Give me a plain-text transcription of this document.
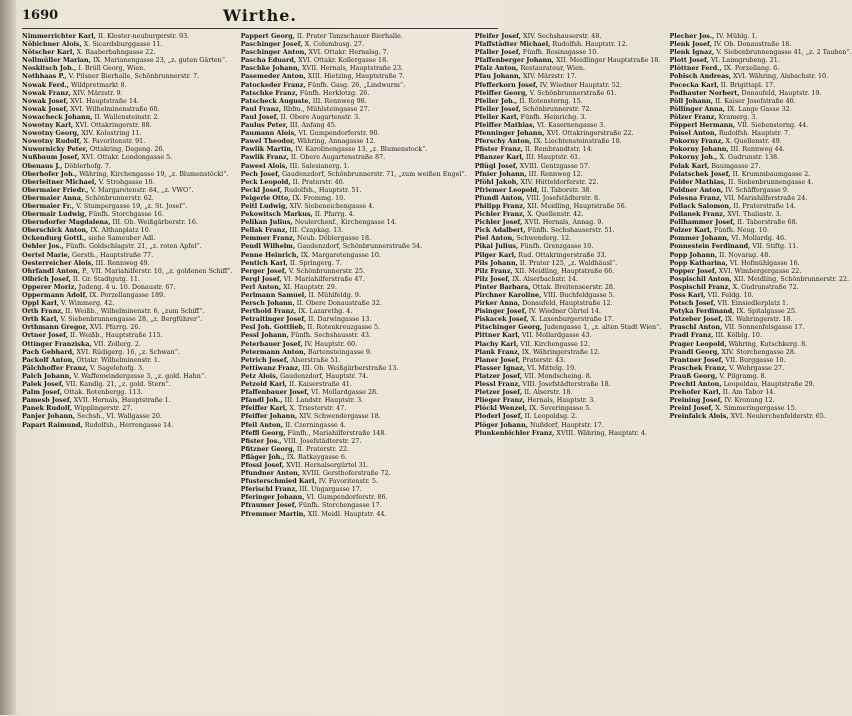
1690	Wirthe.
Nimmerrichter Karl, II. Kloster-neuburgerstr. 93.
Nöbichner Alois, X. Sicardsburggasse 11.
Nötscher Karl, X. Raaberbahngasse 22.
Nollmüller Marian, IX. Marianengasse 23, „z. guten Gärten“.
Noskitsch Joh., I. Brüll Georg, Wien.
Nothhaas P., V. Pilsner Bierhalle, Schönbrunnerstr. 7.
Nowak Ferd., Wildpretmarkt 8.
Nowak Franz, XIV. Märzstr. 9.
Nowak Josef, XVI. Hauptstraße 14.
Nowak Josef, XVI. Wilhelminenstraße 60.
Nowacheck Johann, II. Wallensteinstr. 2.
Nowotny Karl, XVI. Ottakringerstr. 88.
Nowotny Georg, XIV. Kolostring 11.
Nowotny Rudolf, X. Favoritenstr. 91.
Nuwornicky Peter, Ottakring, Degeng. 26.
Nußbaum Josef, XVI. Ottakr. Londongasse 5.
Obenaus J., Döblerhofg. 7.
Oberhofer Joh., Währing, Kirchengasse 19, „z. Blumenstöckl“.
Oberleitner Michael, V. Strohgasse 10.
Obermaier Friedr., V. Margaretenstr. 84, „z. VWO“.
Obermaier Anna, Schönbrunnerstr. 62.
Obermaier Fr., V. Stumpergasse 19, „z. St. Josef“.
Obermair Ludwig, Fünfh. Storchgasse 16.
Oberndorfer Magdalena, III. Ob. Weißgärberstr. 16.
Oberschick Anton, IX. Althanplatz 10.
Ockendurg Gottl., siehe Sameuber Adl.
Oehler Jos., Fünfh. Goldschlagstr. 21, „z. roten Apfel“.
Oertel Marie, Gersth., Hauptstraße 77.
Oesterreicher Alois, III. Rennweg 49.
Ohrfandl Anton, P., VII. Mariahilferstr. 10, „z. goldenen Schiff“.
Olbrich Josef, II. Gr. Stadtgutg. 11.
Opperer Moriz, Judeng. 4 u. 10. Donaustr. 67.
Oppermann Adolf, IX. Porzellangasse 189.
Oppl Karl, V. Wimmerg. 42.
Orth Franz, II. Weißb., Wilhelminenstr. 6, „zum Schiff“.
Orth Karl, V. Siebenbrunnengasse 28, „z. Bergführer“.
Orthmann Gregor, XVI. Pfarrg. 26.
Ortner Josef, II. Weißb., Hauptstraße 115.
Ottinger Franziska, VII. Zollerg. 2.
Pach Gebhard, XVI. Rüdigerg. 16, „z. Schwan“.
Packolf Anton, Ottakr. Wilhelminenstr. 1.
Pälchhoffer Franz, V. Sagelehofg. 3.
Palch Johann, V. Waffenwindergasse 3, „z. gold. Hahn“.
Palek Josef, VII. Kandlg. 21, „z. gold. Stern“.
Palm Josef, Ottak. Rotenbergg. 113.
Pamesb Josef, XVII. Hernals, Hauptstraße 1.
Panek Rudolf, Wipplingerstr. 27.
Panjer Johann, Sechsh., VI. Wallgasse 20.
Papart Raimund, Rudolfsh., Herrengasse 14.
Pappert Georg, II. Prater Tanzschauer Bierhalle.
Paschinger Josef, X. Columbusg. 27.
Paschinger Anton, XVI. Ottakr. Hernalsg. 7.
Pascha Eduard, XVI. Ottakr. Kollergasse 18.
Paschke Johann, XVII. Hernals, Hauptstraße 23.
Pasemeder Anton, XIII. Hietzing, Hauptstraße 7.
Patockeder Franz, Fünfh. Gasg. 26, „Lindwurm“.
Patschke Franz, Fünfh. Herklotzg. 26.
Patscheck Auguste, III. Rennweg 98.
Paul Franz, Rbfm., Mühlsteingasse 27.
Paul Josef, II. Obere Augartenstr. 3.
Paulus Peter, III. Anfang 45.
Paumann Alois, VI. Gumpendorferstr. 90.
Pawel Theodor, Währing, Annagasse 12.
Pawlik Martin, IV. Karolinengasse 13, „z. Blumenstock“.
Pawlik Franz, II. Obere Augartenstraße 87.
Paweel Alois, III. Salesianerg. 1.
Pech Josef, Gaudenzdorf, Schönbrunnerstr. 71, „zum weißen Engel“.
Peck Leopold, II. Praterstr. 46.
Peckl Josef, Rudolfsh., Hauptstr. 51.
Peigerle Otto, IX. Frommg. 10.
Peitl Ludwig, XIV. Siebeneichengasse 4.
Pekowitsch Markus, II. Pfarrg. 4.
Pelikan Julius, Neulerchenf., Kirchengasse 14.
Pellak Franz, III. Czapkag. 13.
Pemmer Franz, Neub. Döblergasse 18.
Pendl Wilhelm, Gaudenzdorf, Schönbrunnerstraße 54.
Penne Heinrich, IX. Margaretengasse 10.
Pentich Karl, II. Springerg. 7.
Perger Josef, V. Schönbrunnerstr. 25.
Pergl Josef, VI. Mariahilferstraße 47.
Perl Anton, XI. Hauptstr. 29.
Perlmann Samuel, II. Mühlfeldg. 9.
Persch Johann, II. Obere Donaustraße 32.
Perthold Franz, IX. Lazarethg. 4.
Petraitinger Josef, II. Darwingasse 13.
Pesl Joh. Gottlieb, II. Rotenkreuzgasse 5.
Pessl Johann, Fünfh. Sechshausstr. 43.
Peterbauer Josef, IV. Hauptstr. 60.
Petermann Anton, Bartensteingasse 9.
Petrich Josef, Alserstraße 51.
Pettiwanz Franz, III. Ob. Weißgärberstraße 13.
Petz Alois, Gaudenzdorf, Hauptstr. 74.
Petzold Karl, II. Kaiserstraße 41.
Pfaffenbauer Josef, VI. Mollardgasse 28.
Pfandl Joh., III. Landstr. Hauptstr. 3.
Pfeiffer Karl, X. Triesterstr. 47.
Pfeiffer Johann, XIV. Schwendergasse 18.
Pfeil Anton, II. Czerningasse 4.
Pfeffl Georg, Fünfh., Mariahilferstraße 148.
Pfister Jos., VIII. Josefstädterstr. 27.
Pfitzner Georg, II. Praterstr. 22.
Pfläger Joh., IX. Ratkaygasse 6.
Pfossl Josef, XVII. Hernalsergürtel 31.
Pfundner Anton, XVIII. Gersthoferstraße 72.
Pfusterschmied Karl, IV. Favoritenstr. 5.
Pferischl Franz, III. Ungargasse 17.
Pferinger Johann, VI. Gumpendorferstr. 86.
Pfraumer Josef, Fünfh. Storchengasse 17.
Pfremmer Martin, XII. Meidl. Hauptstr. 44.
Pfeifer Josef, XIV. Sechshauserstr. 48.
Pfaffstädter Michael, Rudolfsh. Hauptstr. 12.
Pfaller Josef, Fünfh. Rosinagasse 10.
Pfaffenberger Johann, XII. Meidlinger Hauptstraße 18.
Pfalz Anton, Restaurateur, Wien.
Pfau Johann, XIV. Märzstr. 17.
Pfefferkorn Josef, IV. Wiedner Hauptstr. 52.
Pfeiffer Georg, V. Schönbrunnerstraße 61.
Pfeiler Joh., II. Rotensterng. 15.
Pfeiler Josef, Schönbrunnerstr. 72.
Pfeiler Karl, Fünfh. Heinrichg. 3.
Pfeiffer Mathias, VI. Kasernengasse 3.
Pfenninger Johann, XVI. Ottakringerstraße 22.
Pferschy Anton, IX. Liechtensteinstraße 18.
Pfister Franz, II. Rembrandtstr. 14.
Pflanzer Karl, III. Hauptstr. 61.
Pflügl Josef, XVIII. Gentzgasse 57.
Pfnier Johann, III. Rennweg 12.
Pföhl Jakob, XIV. Hütteldorferstr. 22.
Pfriemer Leopold, II. Taborstr. 38.
Pfundl Anton, VIII. Josefstädterstr. 8.
Philipp Franz, XII. Meidling, Hauptstraße 56.
Pichler Franz, X. Quellenstr. 42.
Pichler Josef, XVII. Hernals, Annag. 9.
Pick Adalbert, Fünfh. Sechshauserstr. 51.
Piel Anton, Schwenderg. 12.
Pikal Julius, Fünfh. Grenzgasse 10.
Pilger Karl, Rud. Ottakringerstraße 33.
Pils Johann, II. Prater 125, „z. Waldhäusl“.
Pilz Franz, XII. Meidling, Hauptstraße 66.
Pilz Josef, IX. Alserbachstr. 14.
Pinter Barbara, Ottak. Breitenseerstr. 28.
Pirchner Karoline, VIII. Buchfeldgasse 5.
Pirker Anna, Donaufeld, Hauptstraße 12.
Pisinger Josef, IV. Wiedner Gürtel 14.
Piskacek Josef, X. Laxenburgerstraße 17.
Pitschinger Georg, Judengasse 1, „z. alten Stadt Wien“.
Pittner Karl, VII. Mollardgasse 43.
Plachy Karl, VII. Kirchengasse 12.
Plank Franz, IX. Währingerstraße 12.
Planer Josef, Praterstr. 43.
Plasser Ignaz, VI. Mittelg. 19.
Platzer Josef, VII. Mondscheing. 8.
Plessl Franz, VIII. Josefstädterstraße 18.
Pletzer Josef, II. Alserstr. 18.
Plieger Franz, Hernals, Hauptstr. 3.
Plöckl Wenzel, IX. Severingasse 5.
Ploderl Josef, II. Leopoldsg. 2.
Plöger Johann, Nußdorf, Hauptstr. 17.
Plunkenbichler Franz, XVIII. Währing, Hauptstr. 4.
Plecher Jos., IV. Mühlg. 1.
Plenk Josef, IV. Ob. Donaustraße 18.
Plenk Ignaz, V. Siebenbrunnengasse 41, „z. 2 Tauben“.
Plott Josef, VI. Laimgrubeng. 21.
Plöttner Ferd., IX. Porzellang. 6.
Pobisch Andreas, XVI. Währing, Alsbachstr. 10.
Pocecka Karl, II. Brigittapl. 17.
Podhauter Norbert, Donaufeld, Hauptstr. 19.
Pöll Johann, II. Kaiser Josefstraße 40.
Pöllinger Anna, IX. Lange Gasse 32.
Pölzer Franz, Kramerg. 3.
Pöpperl Hermann, VII. Siebensterng. 44.
Poisel Anton, Rudolfsh. Hauptstr. 7.
Pokorny Franz, X. Quellenstr. 49.
Pokorny Johann, III. Rennweg 44.
Pokorny Joh., X. Gudrunstr. 138.
Polak Karl, Baumgasse 27.
Polatschek Josef, II. Krummbaumgasse 2.
Polder Mathias, II. Siebenbrunnengasse 4.
Poldner Anton, IV. Schäffergasse 9.
Polesna Franz, VII. Mariahilferstraße 24.
Pollack Salomon, II. Praterstraße 14.
Pollanek Franz, XVI. Thaliastr. 3.
Pollhammer Josef, II. Taborstraße 68.
Polzer Karl, Fünfh. Neug. 10.
Pommer Johann, VI. Mollardg. 46.
Ponnestein Ferdinand, VII. Stiftg. 11.
Popp Johann, II. Novarag. 48.
Popp Katharina, VI. Hofmühlgasse 16.
Popper Josef, XVI. Wimbergergasse 22.
Pospischil Anton, XII. Meidling, Schönbrunnerstr. 22.
Pospischil Franz, X. Gudrunstraße 72.
Poss Karl, VII. Feldg. 10.
Potsch Josef, VII. Einsiedlerplatz 1.
Potyka Ferdinand, IX. Spitalgasse 25.
Potzeber Josef, IX. Wahringerstr. 18.
Praschl Anton, VII. Sonnenfelsgasse 17.
Pradl Franz, III. Kölblg. 10.
Prager Leopold, Währing, Kutschkerg. 8.
Prandl Georg, XIV. Storchengasse 28.
Prantner Josef, VII. Burggasse 10.
Praschek Franz, V. Wehrgasse 27.
Prauß Georg, V. Pilgramg. 8.
Prechtl Anton, Leopoldau, Hauptstraße 29.
Prehofer Karl, II. Am Tabor 14.
Preining Josef, IV. Kronung 12.
Preinl Josef, X. Simmeringergasse 15.
Preinfalck Alois, XVI. Neulerchenfelderstr. 65.
